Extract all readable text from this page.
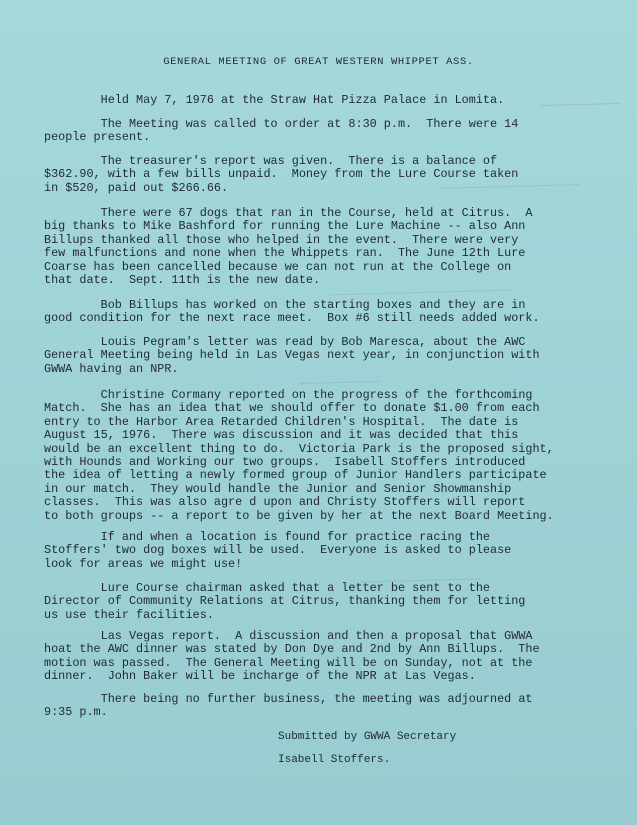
GENERAL MEETING OF GREAT WESTERN WHIPPET ASS.

Held May 7, 1976 at the Straw Hat Pizza Palace in Lomita.

The Meeting was called to order at 8:30 p.m.  There were 14
people present.

The treasurer's report was given.  There is a balance of
$362.90, with a few bills unpaid.  Money from the Lure Course taken
in $520, paid out $266.66.

There were 67 dogs that ran in the Course, held at Citrus.  A
big thanks to Mike Bashford for running the Lure Machine -- also Ann
Billups thanked all those who helped in the event.  There were very
few malfunctions and none when the Whippets ran.  The June 12th Lure
Coarse has been cancelled because we can not run at the College on
that date.  Sept. 11th is the new date.

Bob Billups has worked on the starting boxes and they are in
good condition for the next race meet.  Box #6 still needs added work.

Louis Pegram's letter was read by Bob Maresca, about the AWC
General Meeting being held in Las Vegas next year, in conjunction with
GWWA having an NPR.

Christine Cormany reported on the progress of the forthcoming
Match.  She has an idea that we should offer to donate $1.00 from each
entry to the Harbor Area Retarded Children's Hospital.  The date is
August 15, 1976.  There was discussion and it was decided that this
would be an excellent thing to do.  Victoria Park is the proposed sight,
with Hounds and Working our two groups.  Isabell Stoffers introduced
the idea of letting a newly formed group of Junior Handlers participate
in our match.  They would handle the Junior and Senior Showmanship
classes.  This was also agre d upon and Christy Stoffers will report
to both groups -- a report to be given by her at the next Board Meeting.

If and when a location is found for practice racing the
Stoffers' two dog boxes will be used.  Everyone is asked to please
look for areas we might use!

Lure Course chairman asked that a letter be sent to the
Director of Community Relations at Citrus, thanking them for letting
us use their facilities.

Las Vegas report.  A discussion and then a proposal that GWWA
hoat the AWC dinner was stated by Don Dye and 2nd by Ann Billups.  The
motion was passed.  The General Meeting will be on Sunday, not at the
dinner.  John Baker will be incharge of the NPR at Las Vegas.

There being no further business, the meeting was adjourned at
9:35 p.m.

Submitted by GWWA Secretary
Isabell Stoffers.
